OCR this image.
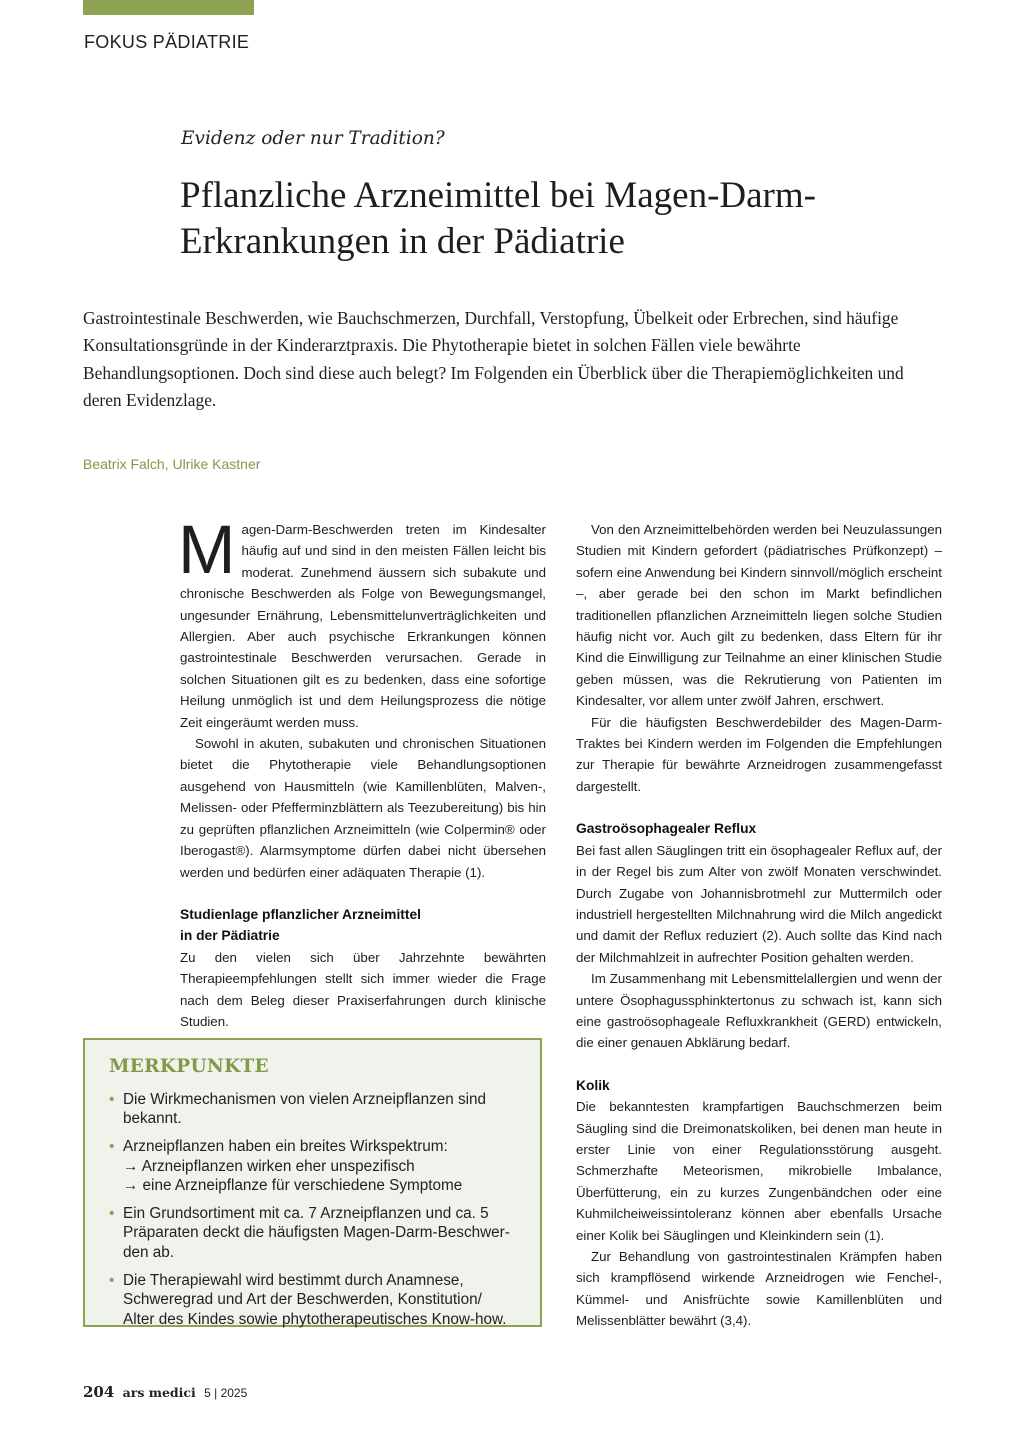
FOKUS PÄDIATRIE
Evidenz oder nur Tradition?
Pflanzliche Arzneimittel bei Magen-Darm-
Erkrankungen in der Pädiatrie

Gastrointestinale Beschwerden, wie Bauchschmerzen, Durchfall, Verstopfung, Übelkeit oder Erbrechen, sind häufige Konsultationsgründe in der Kinderarztpraxis. Die Phytotherapie bietet in solchen Fällen viele bewährte Behandlungsoptionen. Doch sind diese auch belegt? Im Folgenden ein Überblick über die Therapiemöglichkeiten und deren Evidenzlage.

Beatrix Falch, Ulrike Kastner

Magen-Darm-Beschwerden treten im Kindesalter häufig auf und sind in den meisten Fällen leicht bis moderat. Zunehmend äussern sich subakute und chronische Beschwerden als Folge von Bewegungsmangel, ungesunder Ernährung, Lebensmittelunverträglichkeiten und Allergien. Aber auch psychische Erkrankungen können gastrointestinale Beschwerden verursachen. Gerade in solchen Situationen gilt es zu bedenken, dass eine sofortige Heilung unmöglich ist und dem Heilungsprozess die nötige Zeit eingeräumt werden muss.

Sowohl in akuten, subakuten und chronischen Situationen bietet die Phytotherapie viele Behandlungsoptionen ausgehend von Hausmitteln (wie Kamillenblüten, Malven-, Melissen- oder Pfefferminzblättern als Teezubereitung) bis hin zu geprüften pflanzlichen Arzneimitteln (wie Colpermin® oder Iberogast®). Alarmsymptome dürfen dabei nicht übersehen werden und bedürfen einer adäquaten Therapie (1).

Studienlage pflanzlicher Arzneimittel
in der Pädiatrie

Zu den vielen sich über Jahrzehnte bewährten Therapieempfehlungen stellt sich immer wieder die Frage nach dem Beleg dieser Praxiserfahrungen durch klinische Studien.

MERKPUNKTE
• Die Wirkmechanismen von vielen Arzneipflanzen sind
bekannt.
• Arzneipflanzen haben ein breites Wirkspektrum:
→ Arzneipflanzen wirken eher unspezifisch
→ eine Arzneipflanze für verschiedene Symptome
• Ein Grundsortiment mit ca. 7 Arzneipflanzen und ca. 5
Präparaten deckt die häufigsten Magen-Darm-Beschwer-
den ab.
• Die Therapiewahl wird bestimmt durch Anamnese,
Schweregrad und Art der Beschwerden, Konstitution/
Alter des Kindes sowie phytotherapeutisches Know-how.

Von den Arzneimittelbehörden werden bei Neuzulassungen Studien mit Kindern gefordert (pädiatrisches Prüfkonzept) – sofern eine Anwendung bei Kindern sinnvoll/möglich erscheint –, aber gerade bei den schon im Markt befindlichen traditionellen pflanzlichen Arzneimitteln liegen solche Studien häufig nicht vor. Auch gilt zu bedenken, dass Eltern für ihr Kind die Einwilligung zur Teilnahme an einer klinischen Studie geben müssen, was die Rekrutierung von Patienten im Kindesalter, vor allem unter zwölf Jahren, erschwert.

Für die häufigsten Beschwerdebilder des Magen-Darm-Traktes bei Kindern werden im Folgenden die Empfehlungen zur Therapie für bewährte Arzneidrogen zusammengefasst dargestellt.

Gastroösophagealer Reflux

Bei fast allen Säuglingen tritt ein ösophagealer Reflux auf, der in der Regel bis zum Alter von zwölf Monaten verschwindet. Durch Zugabe von Johannisbrotmehl zur Muttermilch oder industriell hergestellten Milchnahrung wird die Milch angedickt und damit der Reflux reduziert (2). Auch sollte das Kind nach der Milchmahlzeit in aufrechter Position gehalten werden.

Im Zusammenhang mit Lebensmittelallergien und wenn der untere Ösophagussphinktertonus zu schwach ist, kann sich eine gastroösophageale Refluxkrankheit (GERD) entwickeln, die einer genauen Abklärung bedarf.

Kolik

Die bekanntesten krampfartigen Bauchschmerzen beim Säugling sind die Dreimonatskoliken, bei denen man heute in erster Linie von einer Regulationsstörung ausgeht. Schmerzhafte Meteorismen, mikrobielle Imbalance, Überfütterung, ein zu kurzes Zungenbändchen oder eine Kuhmilcheiweissintoleranz können aber ebenfalls Ursache einer Kolik bei Säuglingen und Kleinkindern sein (1).

Zur Behandlung von gastrointestinalen Krämpfen haben sich krampflösend wirkende Arzneidrogen wie Fenchel-, Kümmel- und Anisfrüchte sowie Kamillenblüten und Melissenblätter bewährt (3,4).

204 ars medici 5 | 2025
